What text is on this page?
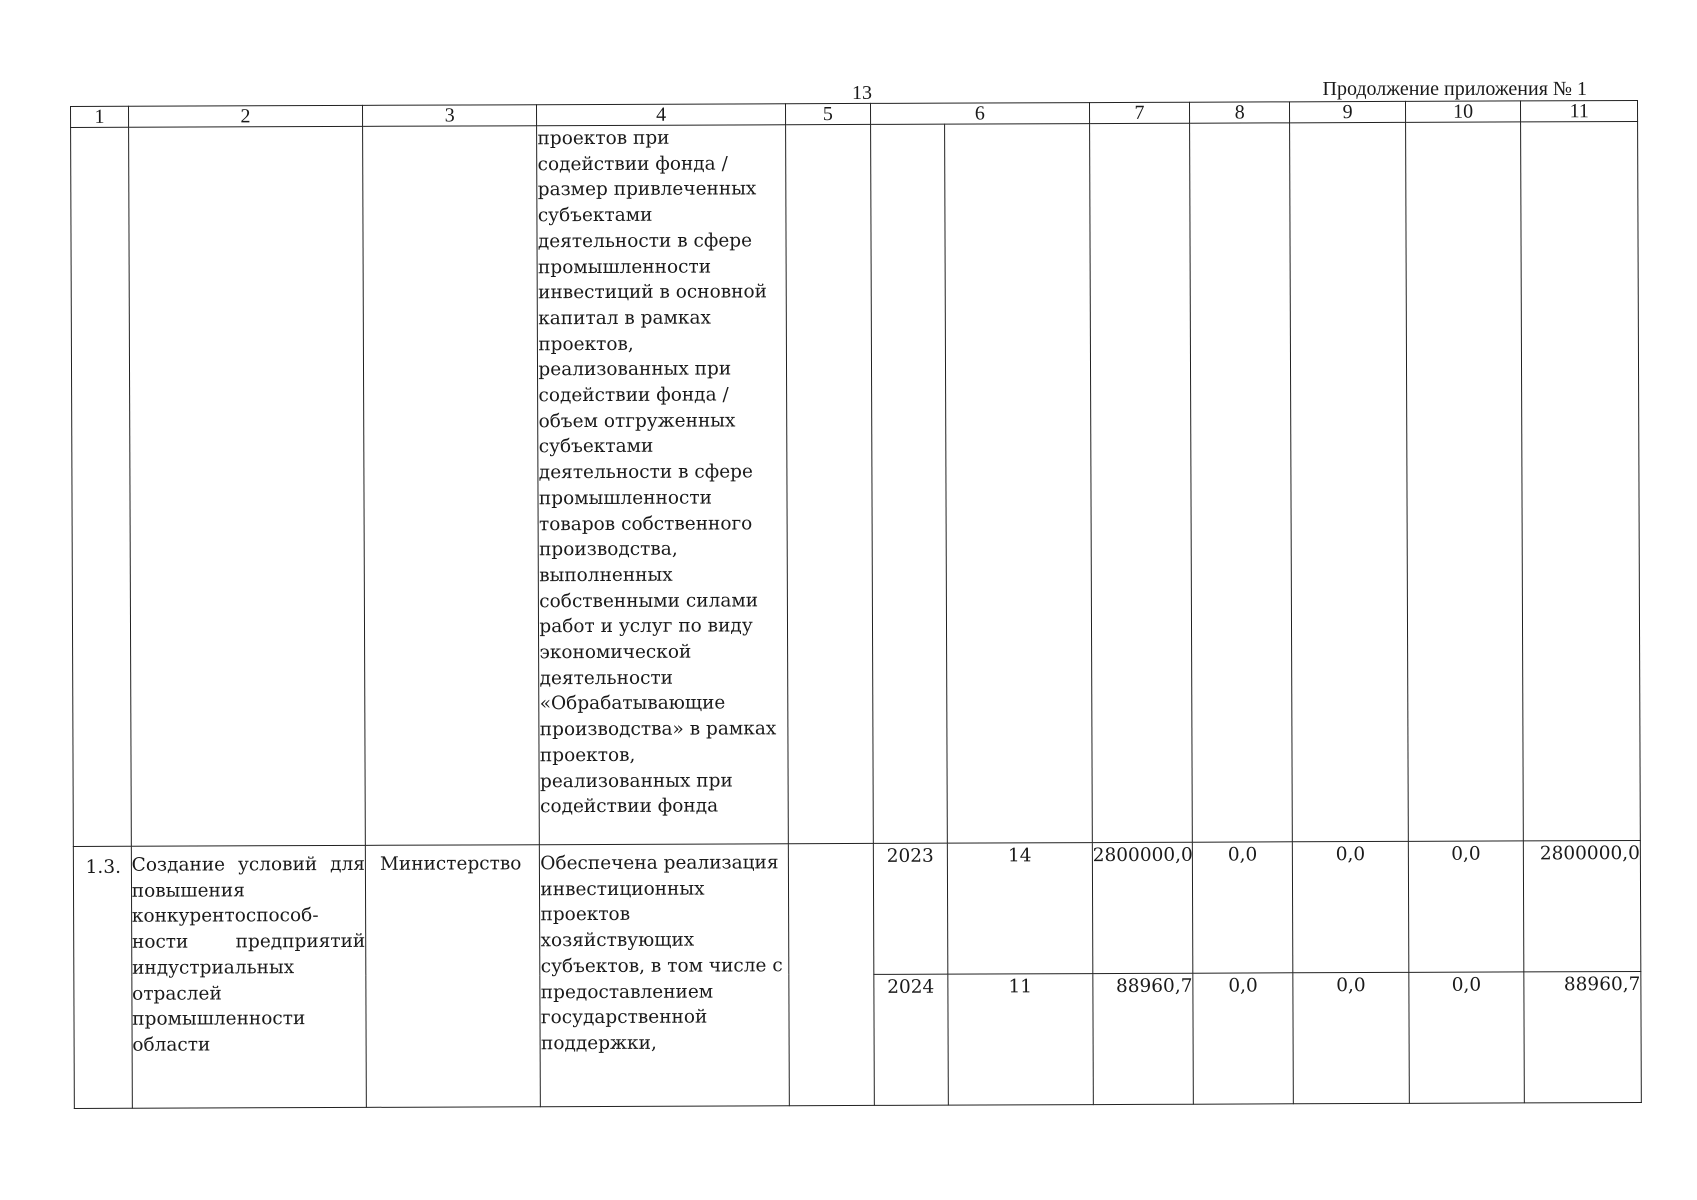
13	Продолжение приложения № 1
1	2	3	4	5	6		7	8	9	10	11
			проектов при содействии фонда / размер привлеченных субъектами деятельности в сфере промышленности инвестиций в основной капитал в рамках проектов, реализованных при содействии фонда / объем отгруженных субъектами деятельности в сфере промышленности товаров собственного производства, выполненных собственными силами работ и услуг по виду экономической деятельности «Обрабатывающие производства» в рамках проектов, реализованных при содействии фонда								
1.3.	Создание условий для повышения конкурентоспособ-ности предприятий индустриальных отраслей промышленности области	Министерство	Обеспечена реализация инвестиционных проектов хозяйствующих субъектов, в том числе с предоставлением государственной поддержки,		2023	14	2800000,0	0,0	0,0	0,0	2800000,0
					2024	11	88960,7	0,0	0,0	0,0	88960,7
